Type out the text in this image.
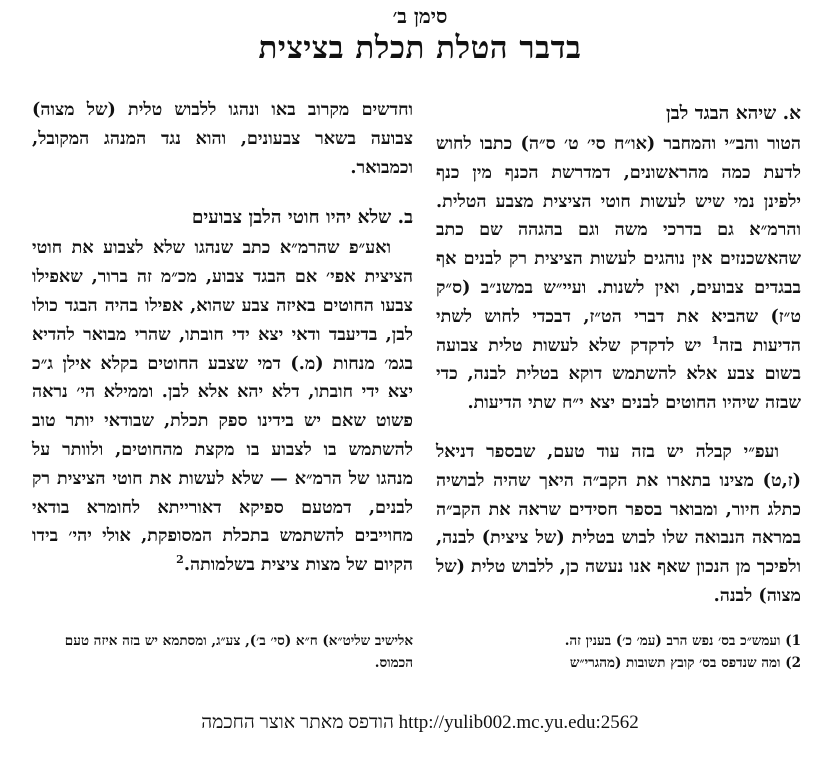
סימן ב׳
בדבר הטלת תכלת בציצית
א. שיהא הבגד לבן

הטור והב״י והמחבר (או״ח סי׳ ט׳ ס״ה) כתבו לחוש לדעת כמה מהראשונים, דמדרשת הכנף מין כנף ילפינן נמי שיש לעשות חוטי הציצית מצבע הטלית. והרמ״א גם בדרכי משה וגם בהגהה שם כתב שהאשכנזים אין נוהגים לעשות הציצית רק לבנים אף בבגדים צבועים, ואין לשנות. ועיי״ש במשנ״ב (ס״ק ט״ז) שהביא את דברי הט״ז, דבכדי לחוש לשתי הדיעות בזה$^1$ יש לדקדק שלא לעשות טלית צבועה בשום צבע אלא להשתמש דוקא בטלית לבנה, כדי שבזה שיהיו החוטים לבנים יצא י״ח שתי הדיעות.

ועפ״י קבלה יש בזה עוד טעם, שבספר דניאל (ז,ט) מצינו בתארו את הקב״ה היאך שהיה לבושיה כתלג חיור, ומבואר בספר חסידים שראה את הקב״ה במראה הנבואה שלו לבוש בטלית (של ציצית) לבנה, ולפיכך מן הנכון שאף אנו נעשה כן, ללבוש טלית (של מצוה) לבנה.

וחדשים מקרוב באו ונהגו ללבוש טלית (של מצוה) צבועה בשאר צבעונים, והוא נגד המנהג המקובל, וכמבואר.

ב. שלא יהיו חוטי הלבן צבועים

ואע״פ שהרמ״א כתב שנהגו שלא לצבוע את חוטי הציצית אפי׳ אם הבגד צבוע, מכ״מ זה ברור, שאפילו צבעו החוטים באיזה צבע שהוא, אפילו בהיה הבגד כולו לבן, בדיעבד ודאי יצא ידי חובתו, שהרי מבואר להדיא בגמ׳ מנחות (מ.) דמי שצבע החוטים בקלא אילן ג״כ יצא ידי חובתו, דלא יהא אלא לבן. וממילא הי׳ נראה פשוט שאם יש בידינו ספק תכלת, שבודאי יותר טוב להשתמש בו לצבוע בו מקצת מהחוטים, ולוותר על מנהגו של הרמ״א — שלא לעשות את חוטי הציצית רק לבנים, דמטעם ספיקא דאורייתא לחומרא בודאי מחוייבים להשתמש בתכלת המסופקת, אולי יהי׳ בידו הקיום של מצות ציצית בשלמותה.$^2$

1) ועמש״כ בס׳ נפש הרב (עמ׳ כ׳) בענין זה.
2) ומה שנדפס בס׳ קובץ תשובות (מהגרי״ש
אלישיב שליט״א) ח״א (סי׳ ב׳), צע״ג, ומסתמא יש בזה איזה טעם הכמוס.
http://yulib002.mc.yu.edu:2562 הודפס מאתר אוצר החכמה
